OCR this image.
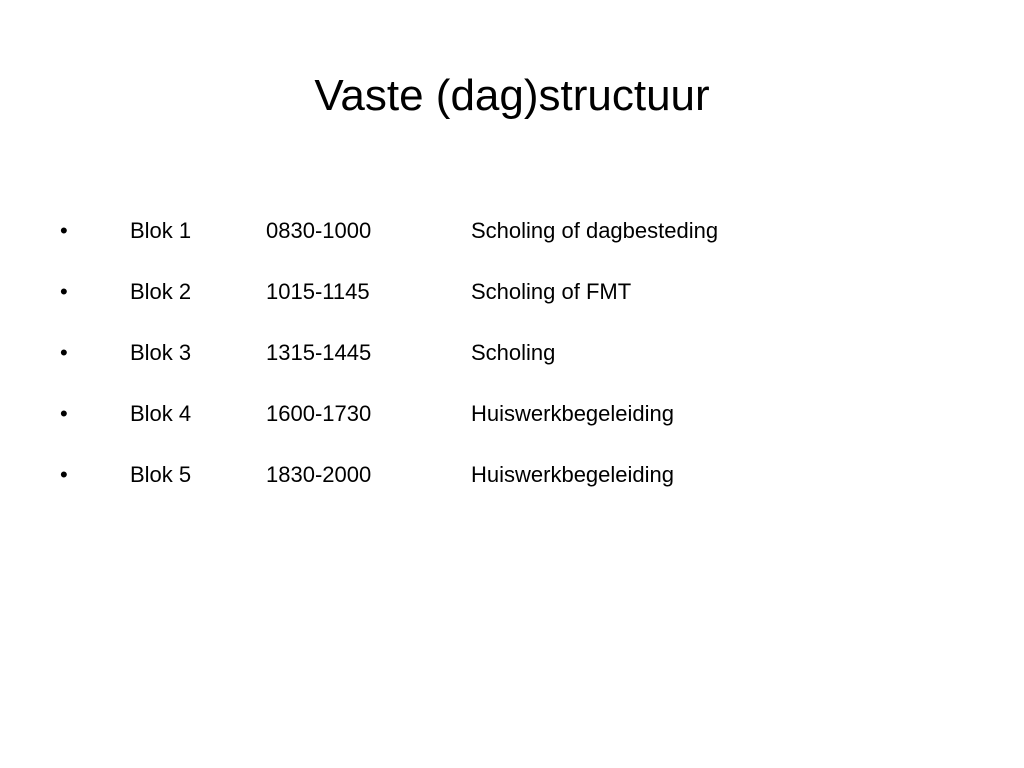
Vaste (dag)structuur
•	Blok 1	0830-1000	Scholing of dagbesteding
•	Blok 2	1015-1145	Scholing of FMT
•	Blok 3	1315-1445	Scholing
•	Blok 4	1600-1730	Huiswerkbegeleiding
•	Blok 5	1830-2000	Huiswerkbegeleiding
